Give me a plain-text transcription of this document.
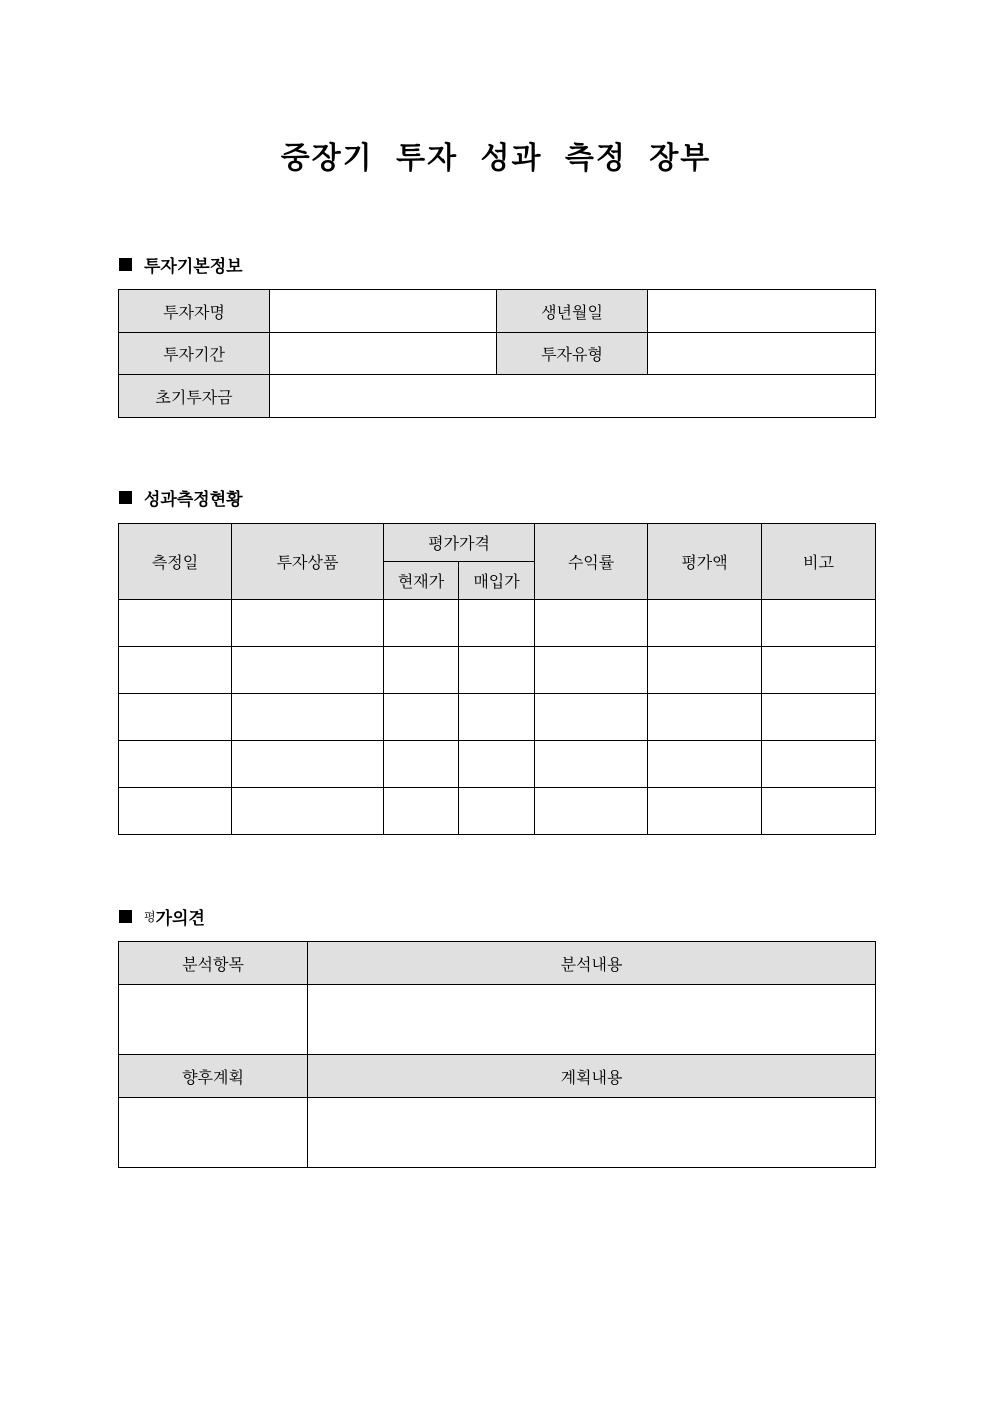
중장기 투자 성과 측정 장부
투자기본정보
투자자명		생년월일	
투자기간		투자유형	
초기투자금			
성과측정현황
측정일	투자상품	평가가격		수익률	평가액	비고
		현재가	매입가			

평 가의견
분석항목	분석내용

향후계획	계획내용
